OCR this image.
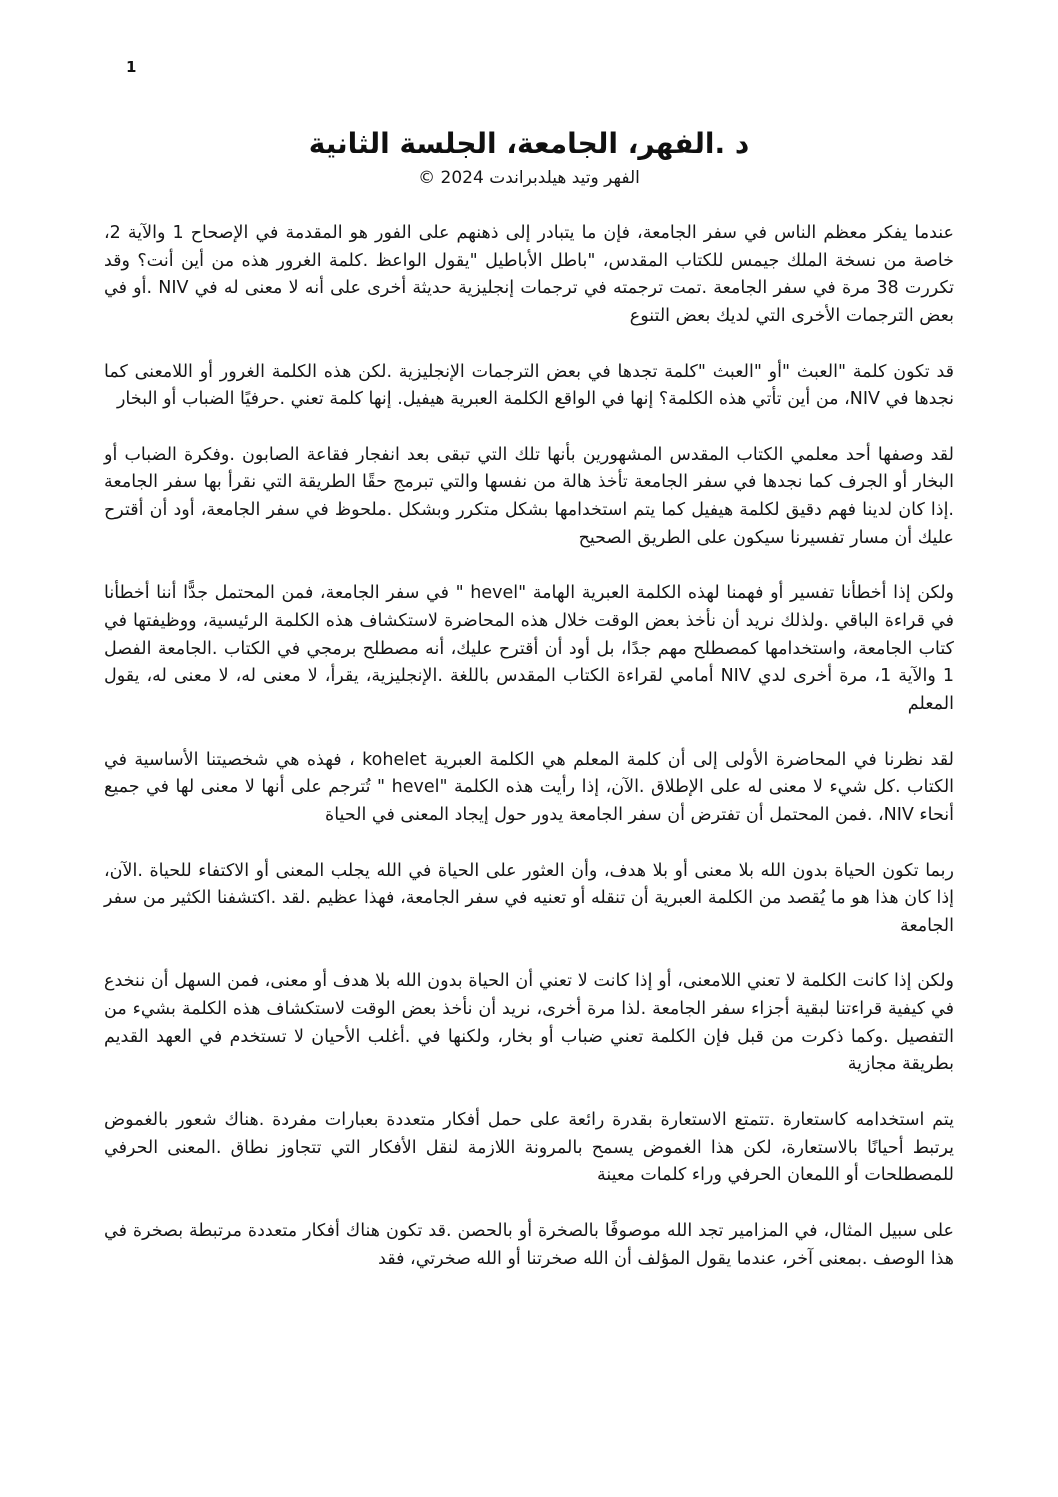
1
د .الفهر، الجامعة، الجلسة الثانية
الفهر وتيد هيلدبراندت 2024 ©

عندما يفكر معظم الناس في سفر الجامعة، فإن ما يتبادر إلى ذهنهم على الفور هو المقدمة في الإصحاح 1 والآية 2، خاصة من نسخة الملك جيمس للكتاب المقدس، "باطل الأباطيل "يقول الواعظ .كلمة الغرور هذه من أين أنت؟ وقد تكررت 38 مرة في سفر الجامعة .تمت ترجمته في ترجمات إنجليزية حديثة أخرى على أنه لا معنى له في NIV .أو في بعض الترجمات الأخرى التي لديك بعض التنوع

قد تكون كلمة "العبث "أو "العبث "كلمة تجدها في بعض الترجمات الإنجليزية .لكن هذه الكلمة الغرور أو اللامعنى كما نجدها في NIV، من أين تأتي هذه الكلمة؟ إنها في الواقع الكلمة العبرية هيفيل. إنها كلمة تعني .حرفيًا الضباب أو البخار

لقد وصفها أحد معلمي الكتاب المقدس المشهورين بأنها تلك التي تبقى بعد انفجار فقاعة الصابون .وفكرة الضباب أو البخار أو الجرف كما نجدها في سفر الجامعة تأخذ هالة من نفسها والتي تبرمج حقًا الطريقة التي نقرأ بها سفر الجامعة .إذا كان لدينا فهم دقيق لكلمة هيفيل كما يتم استخدامها بشكل متكرر وبشكل .ملحوظ في سفر الجامعة، أود أن أقترح عليك أن مسار تفسيرنا سيكون على الطريق الصحيح

ولكن إذا أخطأنا تفسير أو فهمنا لهذه الكلمة العبرية الهامة "hevel " في سفر الجامعة، فمن المحتمل جدًّا أننا أخطأنا في قراءة الباقي .ولذلك نريد أن نأخذ بعض الوقت خلال هذه المحاضرة لاستكشاف هذه الكلمة الرئيسية، ووظيفتها في كتاب الجامعة، واستخدامها كمصطلح مهم جدًا، بل أود أن أقترح عليك، أنه مصطلح برمجي في الكتاب .الجامعة الفصل 1 والآية 1، مرة أخرى لدي NIV أمامي لقراءة الكتاب المقدس باللغة .الإنجليزية، يقرأ، لا معنى له، لا معنى له، يقول المعلم

لقد نظرنا في المحاضرة الأولى إلى أن كلمة المعلم هي الكلمة العبرية kohelet ، فهذه هي شخصيتنا الأساسية في الكتاب .كل شيء لا معنى له على الإطلاق .الآن، إذا رأيت هذه الكلمة "hevel " تُترجم على أنها لا معنى لها في جميع أنحاء NIV، .فمن المحتمل أن تفترض أن سفر الجامعة يدور حول إيجاد المعنى في الحياة

ربما تكون الحياة بدون الله بلا معنى أو بلا هدف، وأن العثور على الحياة في الله يجلب المعنى أو الاكتفاء للحياة .الآن، إذا كان هذا هو ما يُقصد من الكلمة العبرية أن تنقله أو تعنيه في سفر الجامعة، فهذا عظيم .لقد .اكتشفنا الكثير من سفر الجامعة

ولكن إذا كانت الكلمة لا تعني اللامعنى، أو إذا كانت لا تعني أن الحياة بدون الله بلا هدف أو معنى، فمن السهل أن ننخدع في كيفية قراءتنا لبقية أجزاء سفر الجامعة .لذا مرة أخرى، نريد أن نأخذ بعض الوقت لاستكشاف هذه الكلمة بشيء من التفصيل .وكما ذكرت من قبل فإن الكلمة تعني ضباب أو بخار، ولكنها في .أغلب الأحيان لا تستخدم في العهد القديم بطريقة مجازية

يتم استخدامه كاستعارة .تتمتع الاستعارة بقدرة رائعة على حمل أفكار متعددة بعبارات مفردة .هناك شعور بالغموض يرتبط أحيانًا بالاستعارة، لكن هذا الغموض يسمح بالمرونة اللازمة لنقل الأفكار التي تتجاوز نطاق .المعنى الحرفي للمصطلحات أو اللمعان الحرفي وراء كلمات معينة

على سبيل المثال، في المزامير تجد الله موصوفًا بالصخرة أو بالحصن .قد تكون هناك أفكار متعددة مرتبطة بصخرة في هذا الوصف .بمعنى آخر، عندما يقول المؤلف أن الله صخرتنا أو الله صخرتي، فقد
